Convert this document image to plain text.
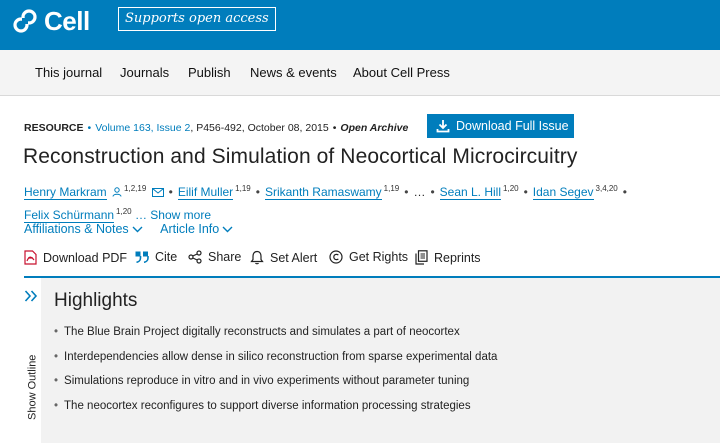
Cell	Supports open access
This journal Journals Publish News & events About Cell Press
RESOURCE • Volume 163, Issue 2, P456-492, October 08, 2015 • Open Archive	Download Full Issue
Reconstruction and Simulation of Neocortical Microcircuitry
Henry Markram $^{1,2,19}$ • Eilif Muller $^{1,19}$ • Srikanth Ramaswamy $^{1,19}$ • … • Sean L. Hill $^{1,20}$ • Idan Segev $^{3,4,20}$ •
Felix Schürmann $^{1,20}$ … Show more
Affiliations & Notes	Article Info
Download PDF Cite Share Set Alert	Get Rights Reprints
Show Outline
Highlights
• The Blue Brain Project digitally reconstructs and simulates a part of neocortex
• Interdependencies allow dense in silico reconstruction from sparse experimental data
• Simulations reproduce in vitro and in vivo experiments without parameter tuning
• The neocortex reconfigures to support diverse information processing strategies
